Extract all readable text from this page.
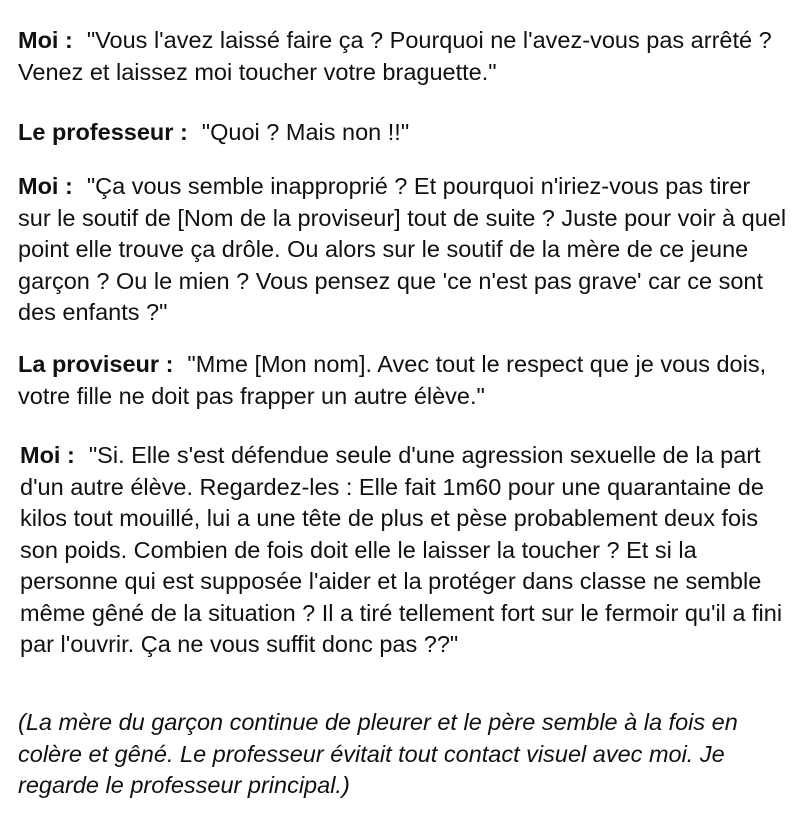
Moi : "Vous l'avez laissé faire ça ? Pourquoi ne l'avez-vous pas arrêté ? Venez et laissez moi toucher votre braguette."

Le professeur : "Quoi ? Mais non !!"

Moi : "Ça vous semble inapproprié ? Et pourquoi n'iriez-vous pas tirer sur le soutif de [Nom de la proviseur] tout de suite ? Juste pour voir à quel point elle trouve ça drôle. Ou alors sur le soutif de la mère de ce jeune garçon ? Ou le mien ? Vous pensez que 'ce n'est pas grave' car ce sont des enfants ?"

La proviseur : "Mme [Mon nom]. Avec tout le respect que je vous dois, votre fille ne doit pas frapper un autre élève."

Moi : "Si. Elle s'est défendue seule d'une agression sexuelle de la part d'un autre élève. Regardez-les : Elle fait 1m60 pour une quarantaine de kilos tout mouillé, lui a une tête de plus et pèse probablement deux fois son poids. Combien de fois doit elle le laisser la toucher ? Et si la personne qui est supposée l'aider et la protéger dans classe ne semble même gêné de la situation ? Il a tiré tellement fort sur le fermoir qu'il a fini par l'ouvrir. Ça ne vous suffit donc pas ??"

(La mère du garçon continue de pleurer et le père semble à la fois en colère et gêné. Le professeur évitait tout contact visuel avec moi. Je regarde le professeur principal.)
